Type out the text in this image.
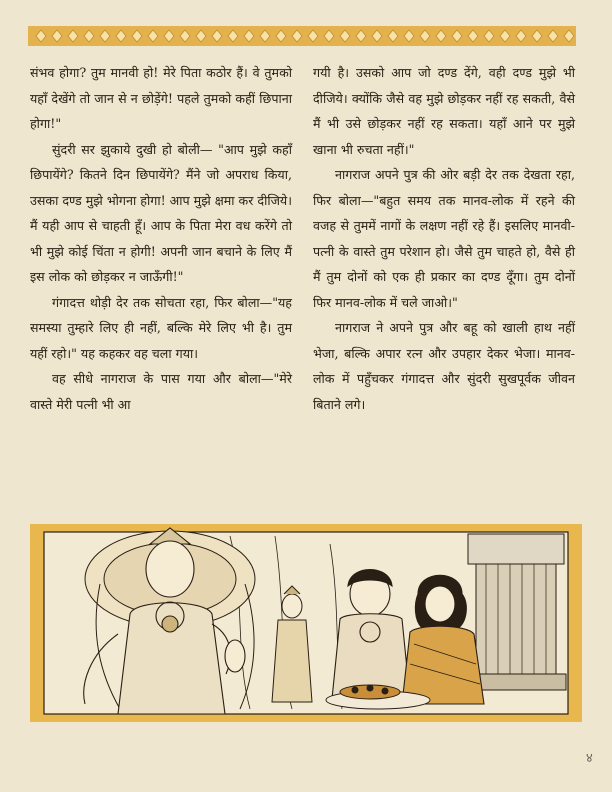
संभव होगा? तुम मानवी हो! मेरे पिता कठोर हैं। वे तुमको यहाँ देखेंगे तो जान से न छोड़ेंगे! पहले तुमको कहीं छिपाना होगा!"

सुंदरी सर झुकाये दुखी हो बोली— "आप मुझे कहाँ छिपायेंगे? कितने दिन छिपायेंगे? मैंने जो अपराध किया, उसका दण्ड मुझे भोगना होगा! आप मुझे क्षमा कर दीजिये। मैं यही आप से चाहती हूँ। आप के पिता मेरा वध करेंगे तो भी मुझे कोई चिंता न होगी! अपनी जान बचाने के लिए मैं इस लोक को छोड़कर न जाऊँगी!"

गंगादत्त थोड़ी देर तक सोचता रहा, फिर बोला—"यह समस्या तुम्हारे लिए ही नहीं, बल्कि मेरे लिए भी है। तुम यहीं रहो।" यह कहकर वह चला गया।

वह सीधे नागराज के पास गया और बोला—"मेरे वास्ते मेरी पत्नी भी आ

गयी है। उसको आप जो दण्ड देंगे, वही दण्ड मुझे भी दीजिये। क्योंकि जैसे वह मुझे छोड़कर नहीं रह सकती, वैसे मैं भी उसे छोड़कर नहीं रह सकता। यहाँ आने पर मुझे खाना भी रुचता नहीं।"

नागराज अपने पुत्र की ओर बड़ी देर तक देखता रहा, फिर बोला—"बहुत समय तक मानव-लोक में रहने की वजह से तुममें नागों के लक्षण नहीं रहे हैं। इसलिए मानवी-पत्नी के वास्ते तुम परेशान हो। जैसे तुम चाहते हो, वैसे ही मैं तुम दोनों को एक ही प्रकार का दण्ड दूँगा। तुम दोनों फिर मानव-लोक में चले जाओ।"

नागराज ने अपने पुत्र और बहू को खाली हाथ नहीं भेजा, बल्कि अपार रत्न और उपहार देकर भेजा। मानव-लोक में पहुँचकर गंगादत्त और सुंदरी सुखपूर्वक जीवन बिताने लगे।

४
